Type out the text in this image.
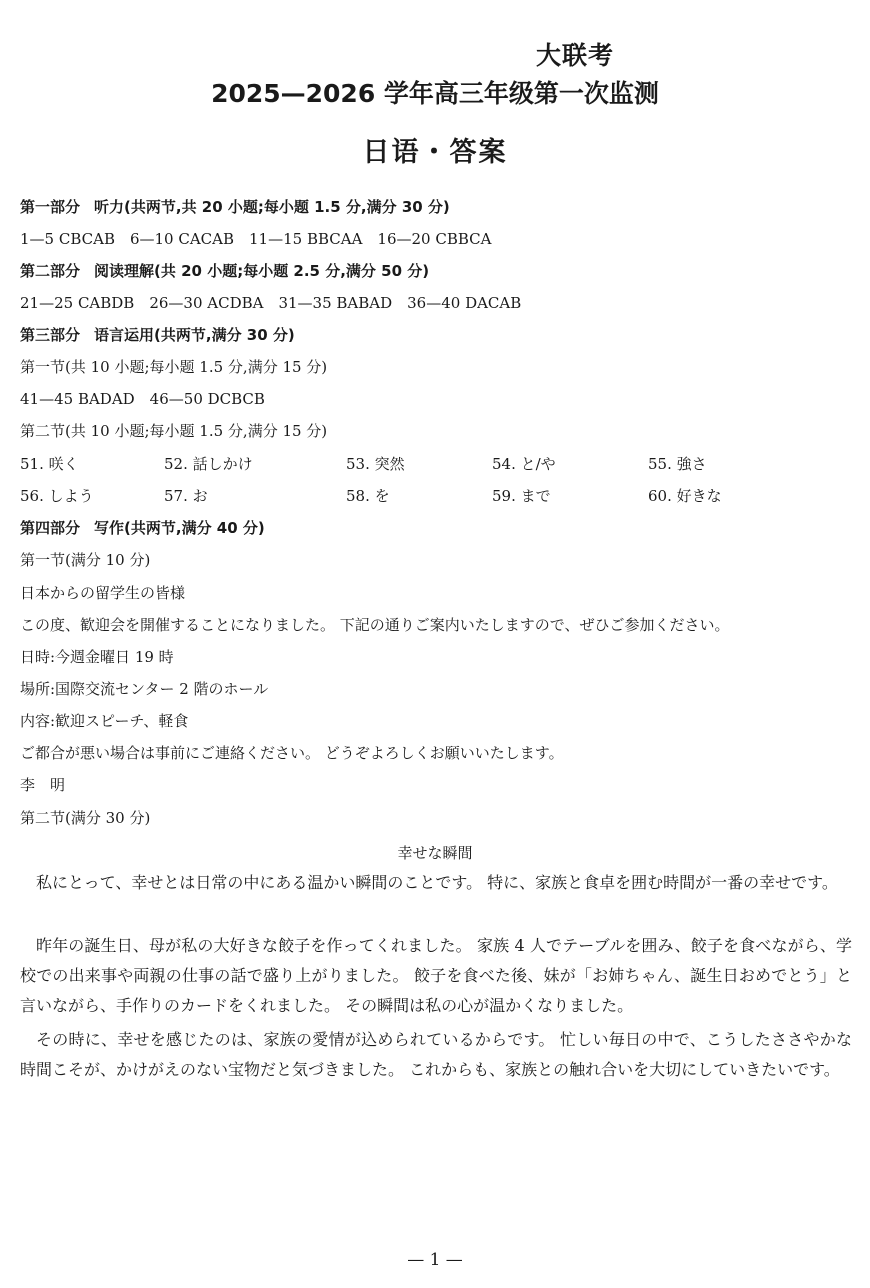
大联考
2025—2026 学年高三年级第一次监测
日语・答案
第一部分 听力(共两节,共 20 小题;每小题 1.5 分,满分 30 分)
1—5 CBCAB　6—10 CACAB　11—15 BBCAA　16—20 CBBCA
第二部分 阅读理解(共 20 小题;每小题 2.5 分,满分 50 分)
21—25 CABDB　26—30 ACDBA　31—35 BABAD　36—40 DACAB
第三部分 语言运用(共两节,满分 30 分)
第一节(共 10 小题;每小题 1.5 分,满分 15 分)
41—45 BADAD　46—50 DCBCB
第二节(共 10 小题;每小题 1.5 分,满分 15 分)
51. 咲く	52. 話しかけ	53. 突然	54. と/や	55. 強さ
56. しよう	57. お	58. を	59. まで	60. 好きな
第四部分 写作(共两节,满分 40 分)
第一节(满分 10 分)
日本からの留学生の皆様
この度、歓迎会を開催することになりました。 下記の通りご案内いたしますので、ぜひご参加ください。
日時:今週金曜日 19 時
場所:国際交流センター 2 階のホール
内容:歓迎スピーチ、軽食
ご都合が悪い場合は事前にご連絡ください。 どうぞよろしくお願いいたします。
李　明
第二节(满分 30 分)
幸せな瞬間
私にとって、幸せとは日常の中にある温かい瞬間のことです。 特に、家族と食卓を囲む時間が一番の幸せです。
昨年の誕生日、母が私の大好きな餃子を作ってくれました。 家族 4 人でテーブルを囲み、餃子を食べながら、学校での出来事や両親の仕事の話で盛り上がりました。 餃子を食べた後、妹が「お姉ちゃん、誕生日おめでとう」と言いながら、手作りのカードをくれました。 その瞬間は私の心が温かくなりました。
その時に、幸せを感じたのは、家族の愛情が込められているからです。 忙しい毎日の中で、こうしたささやかな時間こそが、かけがえのない宝物だと気づきました。 これからも、家族との触れ合いを大切にしていきたいです。
— 1 —
